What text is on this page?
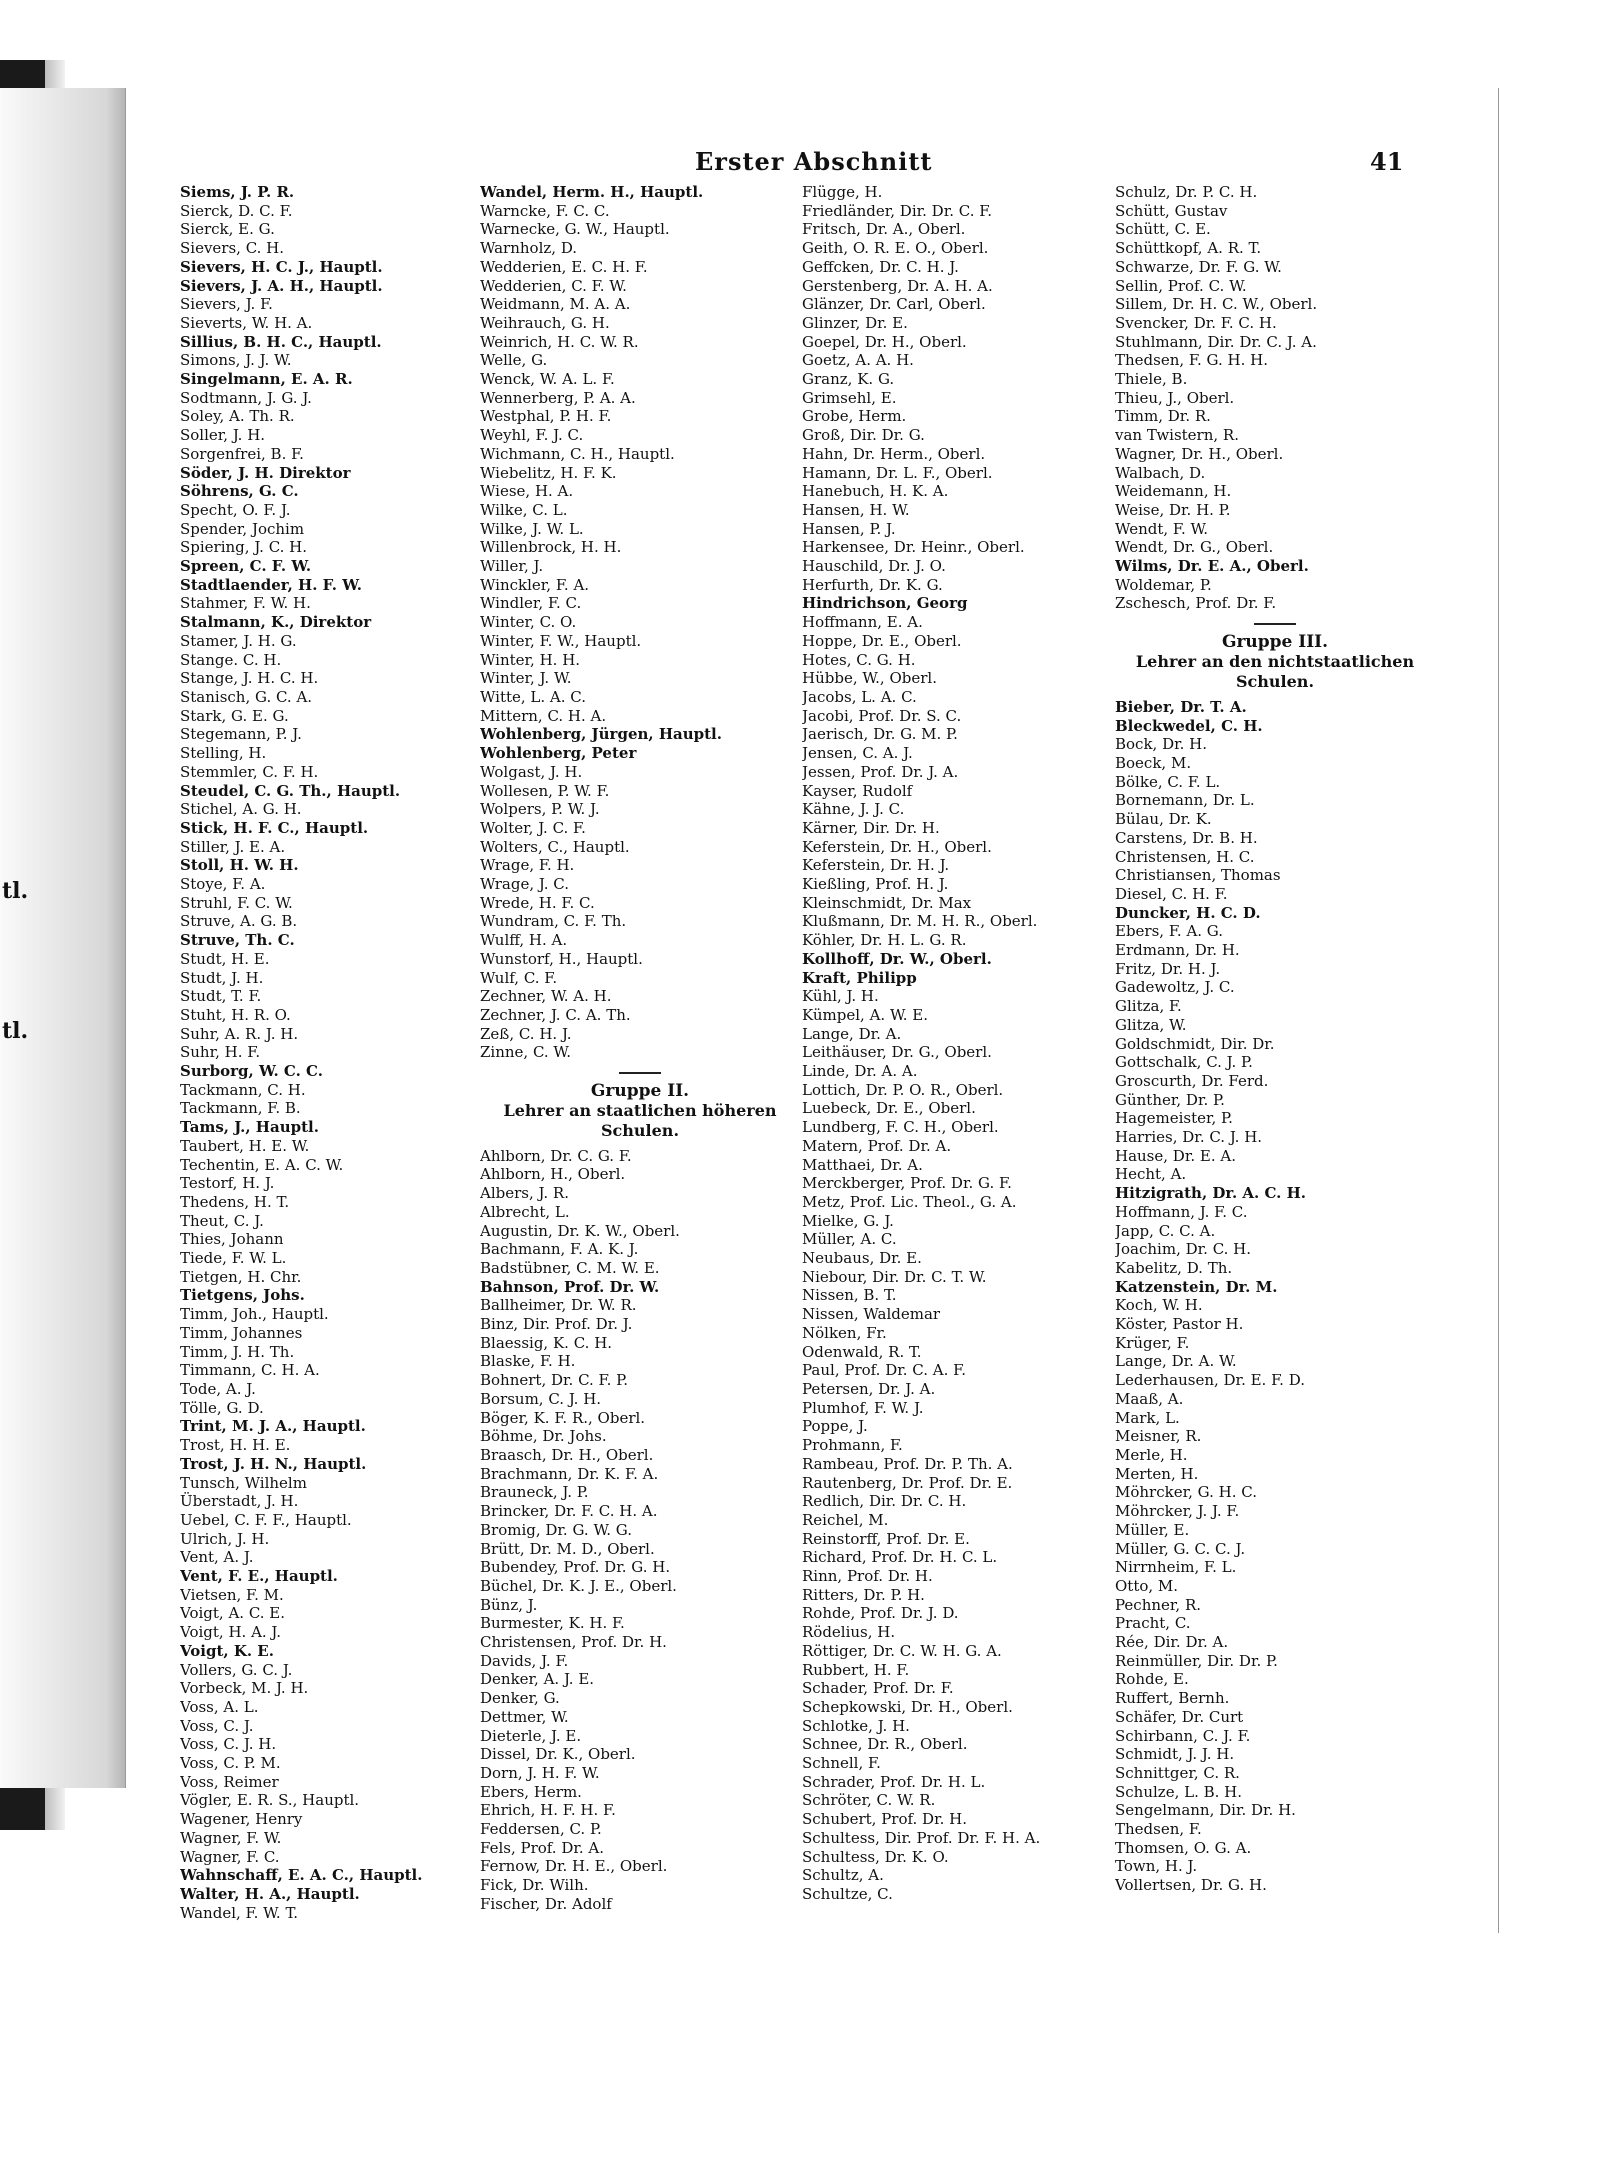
tl.
tl.
Erster Abschnitt	41
Siems, J. P. R.
Sierck, D. C. F.
Sierck, E. G.
Sievers, C. H.
Sievers, H. C. J., Hauptl.
Sievers, J. A. H., Hauptl.
Sievers, J. F.
Sieverts, W. H. A.
Sillius, B. H. C., Hauptl.
Simons, J. J. W.
Singelmann, E. A. R.
Sodtmann, J. G. J.
Soley, A. Th. R.
Soller, J. H.
Sorgenfrei, B. F.
Söder, J. H. Direktor
Söhrens, G. C.
Specht, O. F. J.
Spender, Jochim
Spiering, J. C. H.
Spreen, C. F. W.
Stadtlaender, H. F. W.
Stahmer, F. W. H.
Stalmann, K., Direktor
Stamer, J. H. G.
Stange. C. H.
Stange, J. H. C. H.
Stanisch, G. C. A.
Stark, G. E. G.
Stegemann, P. J.
Stelling, H.
Stemmler, C. F. H.
Steudel, C. G. Th., Hauptl.
Stichel, A. G. H.
Stick, H. F. C., Hauptl.
Stiller, J. E. A.
Stoll, H. W. H.
Stoye, F. A.
Struhl, F. C. W.
Struve, A. G. B.
Struve, Th. C.
Studt, H. E.
Studt, J. H.
Studt, T. F.
Stuht, H. R. O.
Suhr, A. R. J. H.
Suhr, H. F.
Surborg, W. C. C.
Tackmann, C. H.
Tackmann, F. B.
Tams, J., Hauptl.
Taubert, H. E. W.
Techentin, E. A. C. W.
Testorf, H. J.
Thedens, H. T.
Theut, C. J.
Thies, Johann
Tiede, F. W. L.
Tietgen, H. Chr.
Tietgens, Johs.
Timm, Joh., Hauptl.
Timm, Johannes
Timm, J. H. Th.
Timmann, C. H. A.
Tode, A. J.
Tölle, G. D.
Trint, M. J. A., Hauptl.
Trost, H. H. E.
Trost, J. H. N., Hauptl.
Tunsch, Wilhelm
Überstadt, J. H.
Uebel, C. F. F., Hauptl.
Ulrich, J. H.
Vent, A. J.
Vent, F. E., Hauptl.
Vietsen, F. M.
Voigt, A. C. E.
Voigt, H. A. J.
Voigt, K. E.
Vollers, G. C. J.
Vorbeck, M. J. H.
Voss, A. L.
Voss, C. J.
Voss, C. J. H.
Voss, C. P. M.
Voss, Reimer
Vögler, E. R. S., Hauptl.
Wagener, Henry
Wagner, F. W.
Wagner, F. C.
Wahnschaff, E. A. C., Hauptl.
Walter, H. A., Hauptl.
Wandel, F. W. T.
Wandel, Herm. H., Hauptl.
Warncke, F. C. C.
Warnecke, G. W., Hauptl.
Warnholz, D.
Wedderien, E. C. H. F.
Wedderien, C. F. W.
Weidmann, M. A. A.
Weihrauch, G. H.
Weinrich, H. C. W. R.
Welle, G.
Wenck, W. A. L. F.
Wennerberg, P. A. A.
Westphal, P. H. F.
Weyhl, F. J. C.
Wichmann, C. H., Hauptl.
Wiebelitz, H. F. K.
Wiese, H. A.
Wilke, C. L.
Wilke, J. W. L.
Willenbrock, H. H.
Willer, J.
Winckler, F. A.
Windler, F. C.
Winter, C. O.
Winter, F. W., Hauptl.
Winter, H. H.
Winter, J. W.
Witte, L. A. C.
Mittern, C. H. A.
Wohlenberg, Jürgen, Hauptl.
Wohlenberg, Peter
Wolgast, J. H.
Wollesen, P. W. F.
Wolpers, P. W. J.
Wolter, J. C. F.
Wolters, C., Hauptl.
Wrage, F. H.
Wrage, J. C.
Wrede, H. F. C.
Wundram, C. F. Th.
Wulff, H. A.
Wunstorf, H., Hauptl.
Wulf, C. F.
Zechner, W. A. H.
Zechner, J. C. A. Th.
Zeß, C. H. J.
Zinne, C. W.
Gruppe II.
Lehrer an staatlichen höheren Schulen.
Ahlborn, Dr. C. G. F.
Ahlborn, H., Oberl.
Albers, J. R.
Albrecht, L.
Augustin, Dr. K. W., Oberl.
Bachmann, F. A. K. J.
Badstübner, C. M. W. E.
Bahnson, Prof. Dr. W.
Ballheimer, Dr. W. R.
Binz, Dir. Prof. Dr. J.
Blaessig, K. C. H.
Blaske, F. H.
Bohnert, Dr. C. F. P.
Borsum, C. J. H.
Böger, K. F. R., Oberl.
Böhme, Dr. Johs.
Braasch, Dr. H., Oberl.
Brachmann, Dr. K. F. A.
Brauneck, J. P.
Brincker, Dr. F. C. H. A.
Bromig, Dr. G. W. G.
Brütt, Dr. M. D., Oberl.
Bubendey, Prof. Dr. G. H.
Büchel, Dr. K. J. E., Oberl.
Bünz, J.
Burmester, K. H. F.
Christensen, Prof. Dr. H.
Davids, J. F.
Denker, A. J. E.
Denker, G.
Dettmer, W.
Dieterle, J. E.
Dissel, Dr. K., Oberl.
Dorn, J. H. F. W.
Ebers, Herm.
Ehrich, H. F. H. F.
Feddersen, C. P.
Fels, Prof. Dr. A.
Fernow, Dr. H. E., Oberl.
Fick, Dr. Wilh.
Fischer, Dr. Adolf
Flügge, H.
Friedländer, Dir. Dr. C. F.
Fritsch, Dr. A., Oberl.
Geith, O. R. E. O., Oberl.
Geffcken, Dr. C. H. J.
Gerstenberg, Dr. A. H. A.
Glänzer, Dr. Carl, Oberl.
Glinzer, Dr. E.
Goepel, Dr. H., Oberl.
Goetz, A. A. H.
Granz, K. G.
Grimsehl, E.
Grobe, Herm.
Groß, Dir. Dr. G.
Hahn, Dr. Herm., Oberl.
Hamann, Dr. L. F., Oberl.
Hanebuch, H. K. A.
Hansen, H. W.
Hansen, P. J.
Harkensee, Dr. Heinr., Oberl.
Hauschild, Dr. J. O.
Herfurth, Dr. K. G.
Hindrichson, Georg
Hoffmann, E. A.
Hoppe, Dr. E., Oberl.
Hotes, C. G. H.
Hübbe, W., Oberl.
Jacobs, L. A. C.
Jacobi, Prof. Dr. S. C.
Jaerisch, Dr. G. M. P.
Jensen, C. A. J.
Jessen, Prof. Dr. J. A.
Kayser, Rudolf
Kähne, J. J. C.
Kärner, Dir. Dr. H.
Keferstein, Dr. H., Oberl.
Keferstein, Dr. H. J.
Kießling, Prof. H. J.
Kleinschmidt, Dr. Max
Klußmann, Dr. M. H. R., Oberl.
Köhler, Dr. H. L. G. R.
Kollhoff, Dr. W., Oberl.
Kraft, Philipp
Kühl, J. H.
Kümpel, A. W. E.
Lange, Dr. A.
Leithäuser, Dr. G., Oberl.
Linde, Dr. A. A.
Lottich, Dr. P. O. R., Oberl.
Luebeck, Dr. E., Oberl.
Lundberg, F. C. H., Oberl.
Matern, Prof. Dr. A.
Matthaei, Dr. A.
Merckberger, Prof. Dr. G. F.
Metz, Prof. Lic. Theol., G. A.
Mielke, G. J.
Müller, A. C.
Neubaus, Dr. E.
Niebour, Dir. Dr. C. T. W.
Nissen, B. T.
Nissen, Waldemar
Nölken, Fr.
Odenwald, R. T.
Paul, Prof. Dr. C. A. F.
Petersen, Dr. J. A.
Plumhof, F. W. J.
Poppe, J.
Prohmann, F.
Rambeau, Prof. Dr. P. Th. A.
Rautenberg, Dr. Prof. Dr. E.
Redlich, Dir. Dr. C. H.
Reichel, M.
Reinstorff, Prof. Dr. E.
Richard, Prof. Dr. H. C. L.
Rinn, Prof. Dr. H.
Ritters, Dr. P. H.
Rohde, Prof. Dr. J. D.
Rödelius, H.
Röttiger, Dr. C. W. H. G. A.
Rubbert, H. F.
Schader, Prof. Dr. F.
Schepkowski, Dr. H., Oberl.
Schlotke, J. H.
Schnee, Dr. R., Oberl.
Schnell, F.
Schrader, Prof. Dr. H. L.
Schröter, C. W. R.
Schubert, Prof. Dr. H.
Schultess, Dir. Prof. Dr. F. H. A.
Schultess, Dr. K. O.
Schultz, A.
Schultze, C.
Schulz, Dr. P. C. H.
Schütt, Gustav
Schütt, C. E.
Schüttkopf, A. R. T.
Schwarze, Dr. F. G. W.
Sellin, Prof. C. W.
Sillem, Dr. H. C. W., Oberl.
Svencker, Dr. F. C. H.
Stuhlmann, Dir. Dr. C. J. A.
Thedsen, F. G. H. H.
Thiele, B.
Thieu, J., Oberl.
Timm, Dr. R.
van Twistern, R.
Wagner, Dr. H., Oberl.
Walbach, D.
Weidemann, H.
Weise, Dr. H. P.
Wendt, F. W.
Wendt, Dr. G., Oberl.
Wilms, Dr. E. A., Oberl.
Woldemar, P.
Zschesch, Prof. Dr. F.
Gruppe III.
Lehrer an den nichtstaatlichen Schulen.
Bieber, Dr. T. A.
Bleckwedel, C. H.
Bock, Dr. H.
Boeck, M.
Bölke, C. F. L.
Bornemann, Dr. L.
Bülau, Dr. K.
Carstens, Dr. B. H.
Christensen, H. C.
Christiansen, Thomas
Diesel, C. H. F.
Duncker, H. C. D.
Ebers, F. A. G.
Erdmann, Dr. H.
Fritz, Dr. H. J.
Gadewoltz, J. C.
Glitza, F.
Glitza, W.
Goldschmidt, Dir. Dr.
Gottschalk, C. J. P.
Groscurth, Dr. Ferd.
Günther, Dr. P.
Hagemeister, P.
Harries, Dr. C. J. H.
Hause, Dr. E. A.
Hecht, A.
Hitzigrath, Dr. A. C. H.
Hoffmann, J. F. C.
Japp, C. C. A.
Joachim, Dr. C. H.
Kabelitz, D. Th.
Katzenstein, Dr. M.
Koch, W. H.
Köster, Pastor H.
Krüger, F.
Lange, Dr. A. W.
Lederhausen, Dr. E. F. D.
Maaß, A.
Mark, L.
Meisner, R.
Merle, H.
Merten, H.
Möhrcker, G. H. C.
Möhrcker, J. J. F.
Müller, E.
Müller, G. C. C. J.
Nirrnheim, F. L.
Otto, M.
Pechner, R.
Pracht, C.
Rée, Dir. Dr. A.
Reinmüller, Dir. Dr. P.
Rohde, E.
Ruffert, Bernh.
Schäfer, Dr. Curt
Schirbann, C. J. F.
Schmidt, J. J. H.
Schnittger, C. R.
Schulze, L. B. H.
Sengelmann, Dir. Dr. H.
Thedsen, F.
Thomsen, O. G. A.
Town, H. J.
Vollertsen, Dr. G. H.
